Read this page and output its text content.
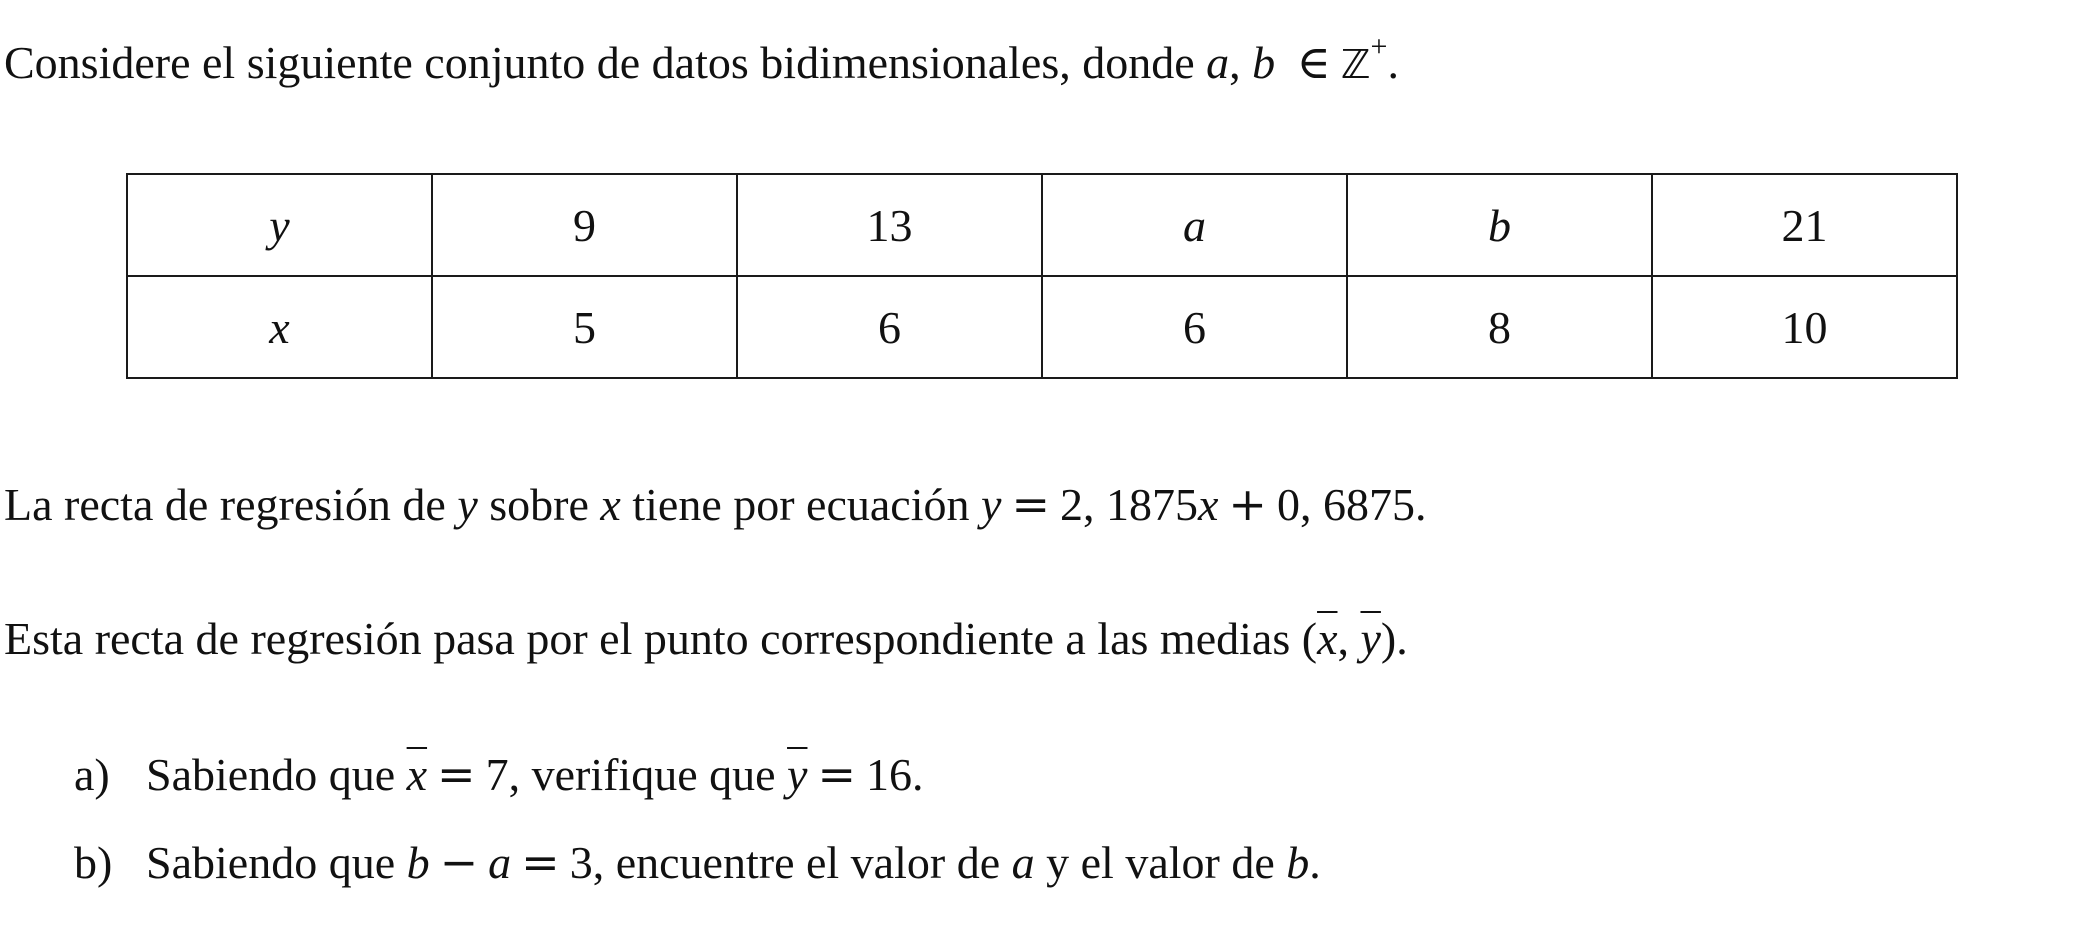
Considere el siguiente conjunto de datos bidimensionales, donde a, b ∈ ℤ+.
y	9	13	a	b	21
x	5	6	6	8	10
La recta de regresión de y sobre x tiene por ecuación y = 2, 1875x + 0, 6875.
Esta recta de regresión pasa por el punto correspondiente a las medias ($\overline{x}$, $\overline{y}$).
a) Sabiendo que $\overline{x} = 7$, verifique que $\overline{y} = 16$.
b) Sabiendo que b − a = 3, encuentre el valor de a y el valor de b.
